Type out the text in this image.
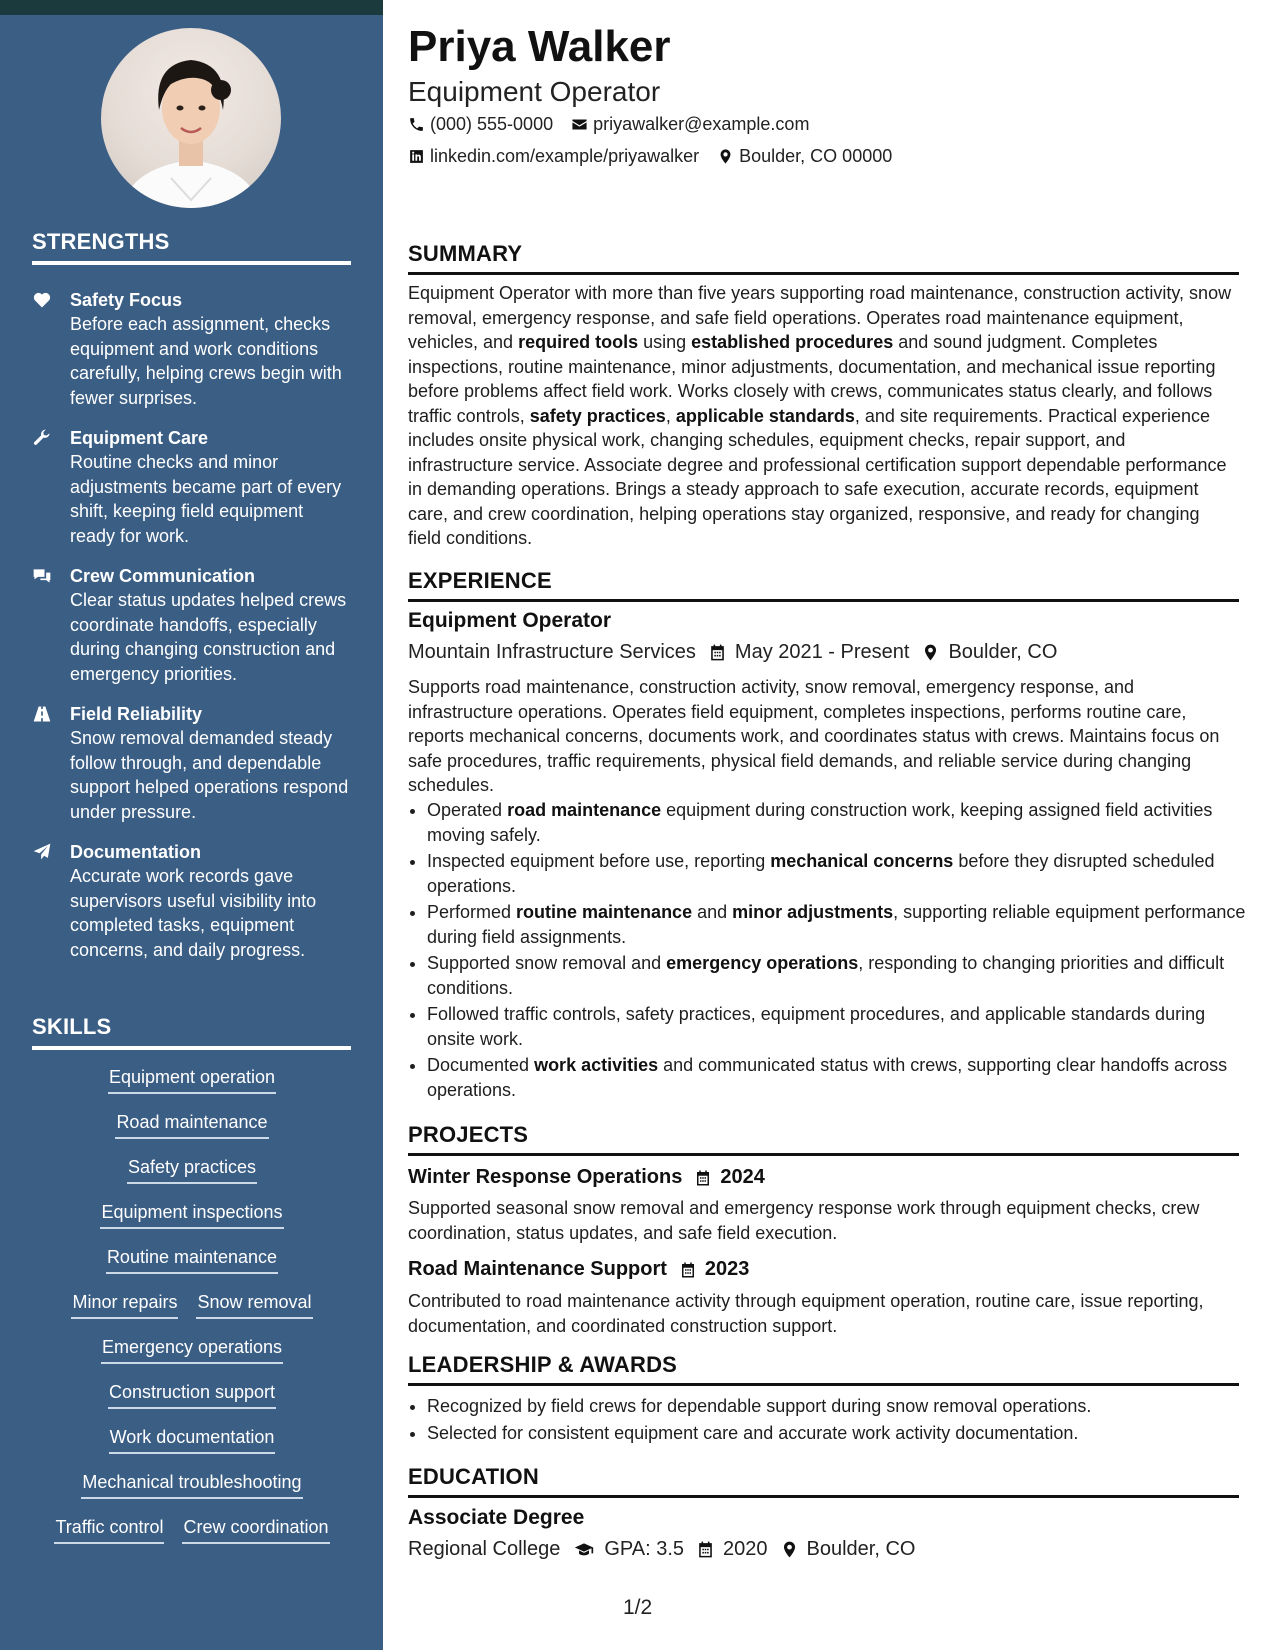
STRENGTHS
Safety Focus
Before each assignment, checks equipment and work conditions carefully, helping crews begin with fewer surprises.
Equipment Care
Routine checks and minor adjustments became part of every shift, keeping field equipment ready for work.
Crew Communication
Clear status updates helped crews coordinate handoffs, especially during changing construction and emergency priorities.
Field Reliability
Snow removal demanded steady follow through, and dependable support helped operations respond under pressure.
Documentation
Accurate work records gave supervisors useful visibility into completed tasks, equipment concerns, and daily progress.
SKILLS
Equipment operation
Road maintenance
Safety practices
Equipment inspections
Routine maintenance
Minor repairs Snow removal
Emergency operations
Construction support
Work documentation
Mechanical troubleshooting
Traffic control Crew coordination
Priya Walker
Equipment Operator
(000) 555-0000 priyawalker@example.com
linkedin.com/example/priyawalker Boulder, CO 00000
SUMMARY
Equipment Operator with more than five years supporting road maintenance, construction activity, snow removal, emergency response, and safe field operations. Operates road maintenance equipment, vehicles, and required tools using established procedures and sound judgment. Completes inspections, routine maintenance, minor adjustments, documentation, and mechanical issue reporting before problems affect field work. Works closely with crews, communicates status clearly, and follows traffic controls, safety practices, applicable standards, and site requirements. Practical experience includes onsite physical work, changing schedules, equipment checks, repair support, and infrastructure service. Associate degree and professional certification support dependable performance in demanding operations. Brings a steady approach to safe execution, accurate records, equipment care, and crew coordination, helping operations stay organized, responsive, and ready for changing field conditions.
EXPERIENCE
Equipment Operator
Mountain Infrastructure Services May 2021 - Present Boulder, CO
Supports road maintenance, construction activity, snow removal, emergency response, and infrastructure operations. Operates field equipment, completes inspections, performs routine care, reports mechanical concerns, documents work, and coordinates status with crews. Maintains focus on safe procedures, traffic requirements, physical field demands, and reliable service during changing schedules.
• Operated road maintenance equipment during construction work, keeping assigned field activities moving safely.
• Inspected equipment before use, reporting mechanical concerns before they disrupted scheduled operations.
• Performed routine maintenance and minor adjustments, supporting reliable equipment performance during field assignments.
• Supported snow removal and emergency operations, responding to changing priorities and difficult conditions.
• Followed traffic controls, safety practices, equipment procedures, and applicable standards during onsite work.
• Documented work activities and communicated status with crews, supporting clear handoffs across operations.
PROJECTS
Winter Response Operations 2024
Supported seasonal snow removal and emergency response work through equipment checks, crew coordination, status updates, and safe field execution.
Road Maintenance Support 2023
Contributed to road maintenance activity through equipment operation, routine care, issue reporting, documentation, and coordinated construction support.
LEADERSHIP & AWARDS
• Recognized by field crews for dependable support during snow removal operations.
• Selected for consistent equipment care and accurate work activity documentation.
EDUCATION
Associate Degree
Regional College GPA: 3.5 2020 Boulder, CO
1/2
